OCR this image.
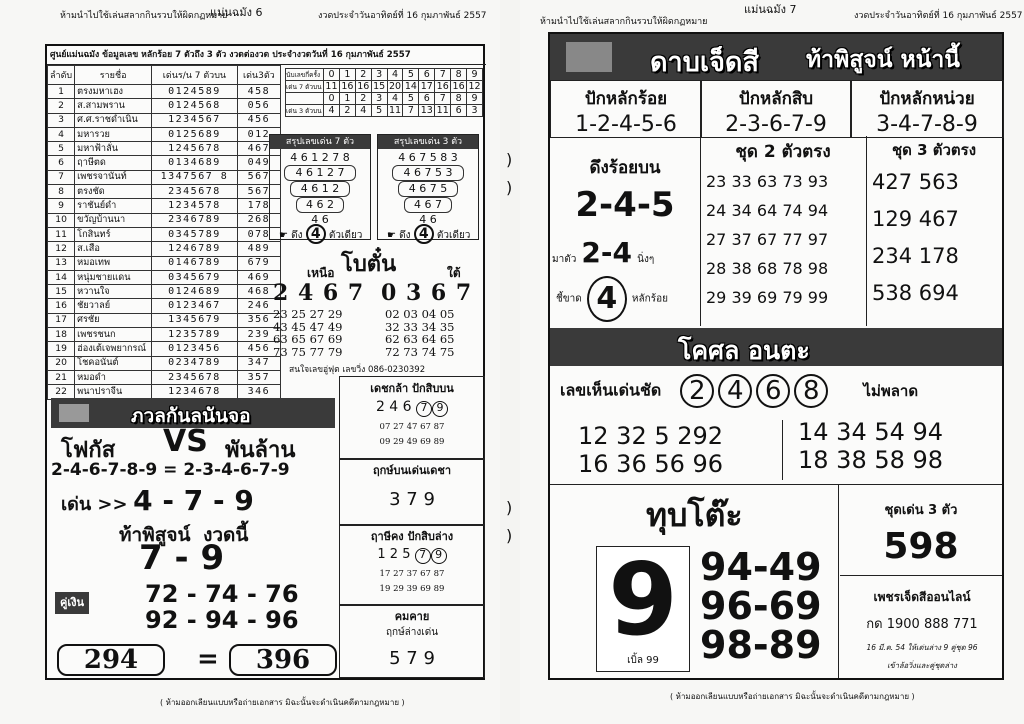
ห้ามนำไปใช้เล่นสลากกินรวบให้ผิดกฏหมาย
แม่นฉมัง 6	งวดประจำวันอาทิตย์ที่ 16 กุมภาพันธ์ 2557
ศูนย์แม่นฉมัง ข้อมูลเลข หลักร้อย 7 ตัวถึง 3 ตัว งวดต่องวด ประจำงวดวันที่ 16 กุมภาพันธ์ 2557
ลำดับ	รายชื่อ	เด่นร/น 7 ตัวบน	เด่น3ตัว
1	ตรงมหาเฮง	0124589	458
2	ส.สามพราน	0124568	056
3	ศ.ศ.ราชดำเนิน	1234567	456
4	มหารวย	0125689	012
5	มหาฟ้าลั่น	1245678	467
6	ฤาษีตด	0134689	049
7	เพชรจานันท์	1347567 8	567
8	ตรงชัด	2345678	567
9	ราชันย์ดำ	1234578	178
10	ขวัญบ้านนา	2346789	268
11	โกสินทร์	0345789	078
12	ส.เสือ	1246789	489
13	หมอเทพ	0146789	679
14	หนุ่มชายแดน	0345679	469
15	หวานใจ	0124689	468
16	ชัยวาลย์	0123467	246
17	ศรชัย	1345679	356
18	เพชรชนก	1235789	239
19	ฮ่องเต้เจพยากรณ์	0123456	456
20	โชคอนันต์	0234789	347
21	หมอดำ	2345678	357
22	พนาปราจีน	1234678	346
นับเลขกี่ครั้ง	0	1	2	3	4	5	6	7	8	9
เด่น 7 ตัวบน	11	16	16	15	20	14	17	16	16	12
	0	1	2	3	4	5	6	7	8	9
เด่น 3 ตัวบน	4	2	4	5	11	7	13	11	6	3
สรุปเลขเด่น 7 ตัว
4 6 1 2 7 8
4 6 1 2 7
4 6 1 2
4 6 2
4 6
สรุปเลขเด่น 3 ตัว
4 6 7 5 8 3
4 6 7 5 3
4 6 7 5
4 6 7
4 6
☛ ดึง 4 ตัวเดียว ☛ ดึง 4 ตัวเดียว
โบตั๋น
เหนือ	ใต้
2 4 6 7 0 3 6 7
23 25 27 29
43 45 47 49
63 65 67 69
73 75 77 79
02 03 04 05
32 33 34 35
62 63 64 65
72 73 74 75
สนใจเลขอู่ฟุต เลขวิ่ง 086-0230392
ภวลกันลนันจอ
โฟกัส VS พันล้าน
2-4-6-7-8-9 = 2-3-4-6-7-9
เด่น >> 4 - 7 - 9
ท้าพิสูจน์ งวดนี้
7 - 9
คู่เงิน	72 - 74 - 76
92 - 94 - 96
294	=	396
เดชกล้า ปักสิบบน
2 4 6 7 9
07 27 47 67 87
09 29 49 69 89
ฤกษ์บนเด่นเดชา
3 7 9
ฤาษีคง ปักสิบล่าง
1 2 5 7 9
17 27 37 67 87
19 29 39 69 89
คมคาย
ฤกษ์ล่างเด่น
5 7 9
( ห้ามออกเลียนแบบหรือถ่ายเอกสาร มิฉะนั้นจะดำเนินคดีตามกฎหมาย )
)
)
)
)
ห้ามนำไปใช้เล่นสลากกินรวบให้ผิดกฏหมาย
แม่นฉมัง 7	งวดประจำวันอาทิตย์ที่ 16 กุมภาพันธ์ 2557
ดาบเจ็ดสี ท้าพิสูจน์ หน้านี้
ปักหลักร้อย
1-2-4-5-6
ปักหลักสิบ
2-3-6-7-9
ปักหลักหน่วย
3-4-7-8-9
ดึงร้อยบน
2-4-5
มาตัว 2-4 นิ่งๆ
ชี้ขาด 4 หลักร้อย
ชุด 2 ตัวตรง
23 33 63 73 93
24 34 64 74 94
27 37 67 77 97
28 38 68 78 98
29 39 69 79 99
ชุด 3 ตัวตรง
427 563
129 467
234 178
538 694
โคศล อนตะ
เลขเห็นเด่นชัด 2 4 6 8	ไม่พลาด
12 32 5 292
16 36 56 96
14 34 54 94
18 38 58 98
ทุบโต๊ะ
9
เบิ้ล 99
94-49
96-69
98-89
ชุดเด่น 3 ตัว
598
เพชรเจ็ดสีออนไลน์
กด 1900 888 771
16 มี.ค. 54 ให้เด่นล่าง 9 คู่ชุด 96
เข้าล้อวิ่งและคู่ชุดล่าง
( ห้ามออกเลียนแบบหรือถ่ายเอกสาร มิฉะนั้นจะดำเนินคดีตามกฎหมาย )
